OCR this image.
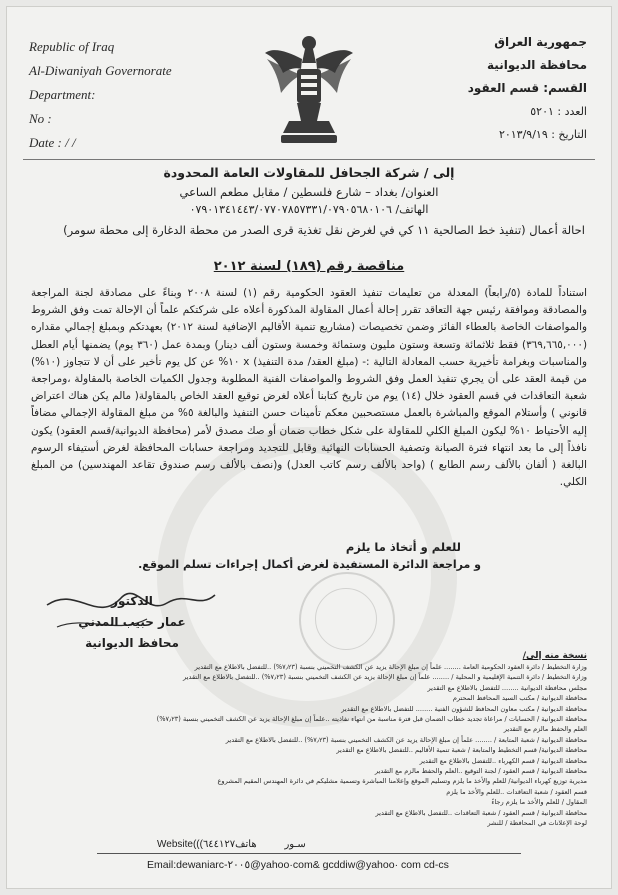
Republic of Iraq
Al-Diwaniyah Governorate
Department:
No :
Date : / /
جمهورية العراق
محافظة الديوانية
القسم: قسم العقود
العدد : ٥٢٠١
التاريخ : ٢٠١٣/٩/١٩
إلى / شركة الجحافل للمقاولات العامة المحدودة
العنوان/ بغداد – شارع فلسطين / مقابل مطعم الساعي
الهاتف/ ٠٧٩٠١٣٤١٤٤٣/٠٧٧٠٧٨٥٧٣٣١/٠٧٩٠٥٦٨٠١٠٦
احالة أعمال (تنفيذ خط الصالحية ١١ كي في لغرض نقل تغذية قرى الصدر من محطة الدغارة إلى محطة سومر)
مناقصة رقم (١٨٩) لسنة ٢٠١٢
استناداً للمادة (٥/رابعاً) المعدلة من تعليمات تنفيذ العقود الحكومية رقم (١) لسنة ٢٠٠٨ وبناءً على مصادقة لجنة المراجعة والمصادقة وموافقة رئيس جهة التعاقد تقرر إحالة أعمال المقاولة المذكورة أعلاه على شركتكم علماً أن الإحالة تمت وفق الشروط والمواصفات الخاصة بالعطاء الفائز وضمن تخصيصات (مشاريع تنمية الأقاليم الإضافية لسنة ٢٠١٢) بعهدتكم وبمبلغ إجمالي مقداره (٣٦٩,٦٦٥,٠٠٠) فقط ثلاثمائة وتسعة وستون مليون وستمائة وخمسة وستون ألف دينار) وبمدة عمل (٣٦٠ يوم) يضمنها أيام العطل والمناسبات وبغرامة تأخيرية حسب المعادلة التالية :- (مبلغ العقد/ مدة التنفيذ) x ١٠% عن كل يوم تأخير على أن لا تتجاوز (١٠%) من قيمة العقد على أن يجري تنفيذ العمل وفق الشروط والمواصفات الفنية المطلوبة وجدول الكميات الخاصة بالمقاولة ،ومراجعة شعبة التعاقدات في قسم العقود خلال (١٤) يوم من تاريخ كتابنا أعلاه لغرض توقيع العقد الخاص بالمقاولة( مالم يكن هناك اعتراض قانوني ) وأستلام الموقع والمباشرة بالعمل مستصحبين معكم تأمينات حسن التنفيذ والبالغة ٥% من مبلغ المقاولة الإجمالي مضافاً إليه الأحتياط ١٠% ليكون المبلغ الكلي للمقاولة على شكل خطاب ضمان أو صك مصدق لأمر (محافظة الديوانية/قسم العقود) يكون نافذاً إلى ما بعد انتهاء فترة الصيانة وتصفية الحسابات النهائية وقابل للتجديد ومراجعة حسابات المحافظة لغرض أستيفاء الرسوم البالغة ( ألفان بالألف رسم الطابع ) (واحد بالألف رسم كاتب العدل) و(نصف بالألف رسم صندوق تقاعد المهندسين) من المبلغ الكلي.
للعلم و أتخاذ ما يلزم
و مراجعة الدائرة المستفيدة لغرض أكمال إجراءات تسلم الموقع.
الدكتور
عمار حبيب المدني
محافظ الديوانية
نسخة منه إلى/
وزارة التخطيط / دائرة العقود الحكومية العامة ........ علماً إن مبلغ الإحالة يزيد عن الكشف التخميني بنسبة (٧٫٢٣%) ..للتفضل بالاطلاع مع التقدير
وزارة التخطيط / دائرة التنمية الإقليمية و المحلية / ........ علماً إن مبلغ الإحالة يزيد عن الكشف التخميني بنسبة (٧٫٢٣%) ..للتفضل بالاطلاع مع التقدير
مجلس محافظة الديوانية ........ للتفضل بالاطلاع مع التقدير
محافظة الديوانية / مكتب السيد المحافظ المحترم
محافظة الديوانية / مكتب معاون المحافظ للشؤون الفنية ........ للتفضل بالاطلاع مع التقدير
محافظة الديوانية / الحسابات / مراعاة تجديد خطاب الضمان قبل فترة مناسبة من انتهاء نفاذيته ..علماً إن مبلغ الإحالة يزيد عن الكشف التخميني بنسبة (٧٫٢٣%)
العلم والحفظ مالزم مع التقدير
محافظة الديوانية / شعبة المتابعة / ........ علماً إن مبلغ الإحالة يزيد عن الكشف التخميني بنسبة (٧٫٢٣%) ..للتفضل بالاطلاع مع التقدير
محافظة الديوانية/ قسم التخطيط والمتابعة / شعبة تنمية الأقاليم ..للتفضل بالاطلاع مع التقدير
محافظة الديوانية / قسم الكهرباء ..للتفضل بالاطلاع مع التقدير
محافظة الديوانية / قسم العقود / لجنة التوقيع ..العلم والحفظ مالزم مع التقدير
مديرية توزيع كهرباء الديوانية/ للعلم والأخذ ما يلزم وتسليم الموقع وإعلامنا المباشرة وتسمية مشليكم في دائرة المهندس المقيم المشروع
قسم العقود / شعبة التعاقدات ..للعلم والأخذ ما يلزم
المقاول / للعلم والأخذ ما يلزم رجاءً
محافظة الديوانية / قسم العقود / شعبة التعاقدات ..للتفضل بالاطلاع مع التقدير
لوحة الإعلانات في المحافظة / للنشر
Website(((سـور          هاتف٦٤٤١٢٧
Email:dewaniarc-٢٠٠٥@yahoo·com& gcddiw@yahoo· com cd-cs
